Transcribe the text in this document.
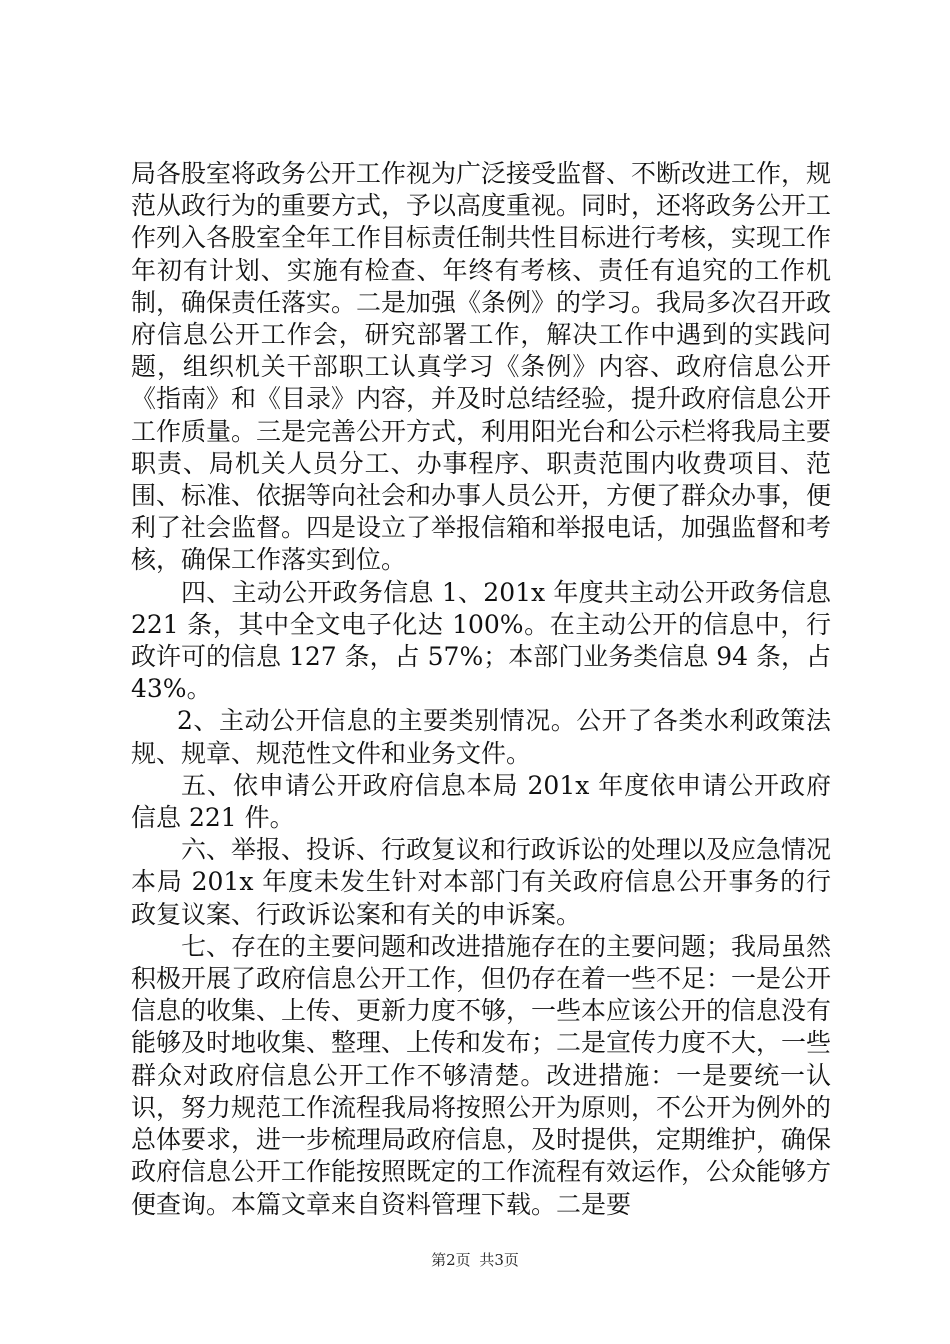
局各股室将政务公开工作视为广泛接受监督、不断改进工作，规范从政行为的重要方式，予以高度重视。同时，还将政务公开工作列入各股室全年工作目标责任制共性目标进行考核，实现工作年初有计划、实施有检查、年终有考核、责任有追究的工作机制，确保责任落实。二是加强《条例》的学习。我局多次召开政府信息公开工作会，研究部署工作，解决工作中遇到的实践问题，组织机关干部职工认真学习《条例》内容、政府信息公开《指南》和《目录》内容，并及时总结经验，提升政府信息公开工作质量。三是完善公开方式，利用阳光台和公示栏将我局主要职责、局机关人员分工、办事程序、职责范围内收费项目、范围、标准、依据等向社会和办事人员公开，方便了群众办事，便利了社会监督。四是设立了举报信箱和举报电话，加强监督和考核，确保工作落实到位。

四、主动公开政务信息 1、201x 年度共主动公开政务信息 221 条，其中全文电子化达 100%。在主动公开的信息中，行政许可的信息 127 条，占 57%；本部门业务类信息 94 条，占 43%。

2、主动公开信息的主要类别情况。公开了各类水利政策法规、规章、规范性文件和业务文件。

五、依申请公开政府信息本局 201x 年度依申请公开政府信息 221 件。

六、举报、投诉、行政复议和行政诉讼的处理以及应急情况本局 201x 年度未发生针对本部门有关政府信息公开事务的行政复议案、行政诉讼案和有关的申诉案。

七、存在的主要问题和改进措施存在的主要问题；我局虽然积极开展了政府信息公开工作，但仍存在着一些不足：一是公开信息的收集、上传、更新力度不够，一些本应该公开的信息没有能够及时地收集、整理、上传和发布；二是宣传力度不大，一些群众对政府信息公开工作不够清楚。改进措施：一是要统一认识，努力规范工作流程我局将按照公开为原则，不公开为例外的总体要求，进一步梳理局政府信息，及时提供，定期维护，确保政府信息公开工作能按照既定的工作流程有效运作，公众能够方便查询。本篇文章来自资料管理下载。二是要

第2页 共3页
